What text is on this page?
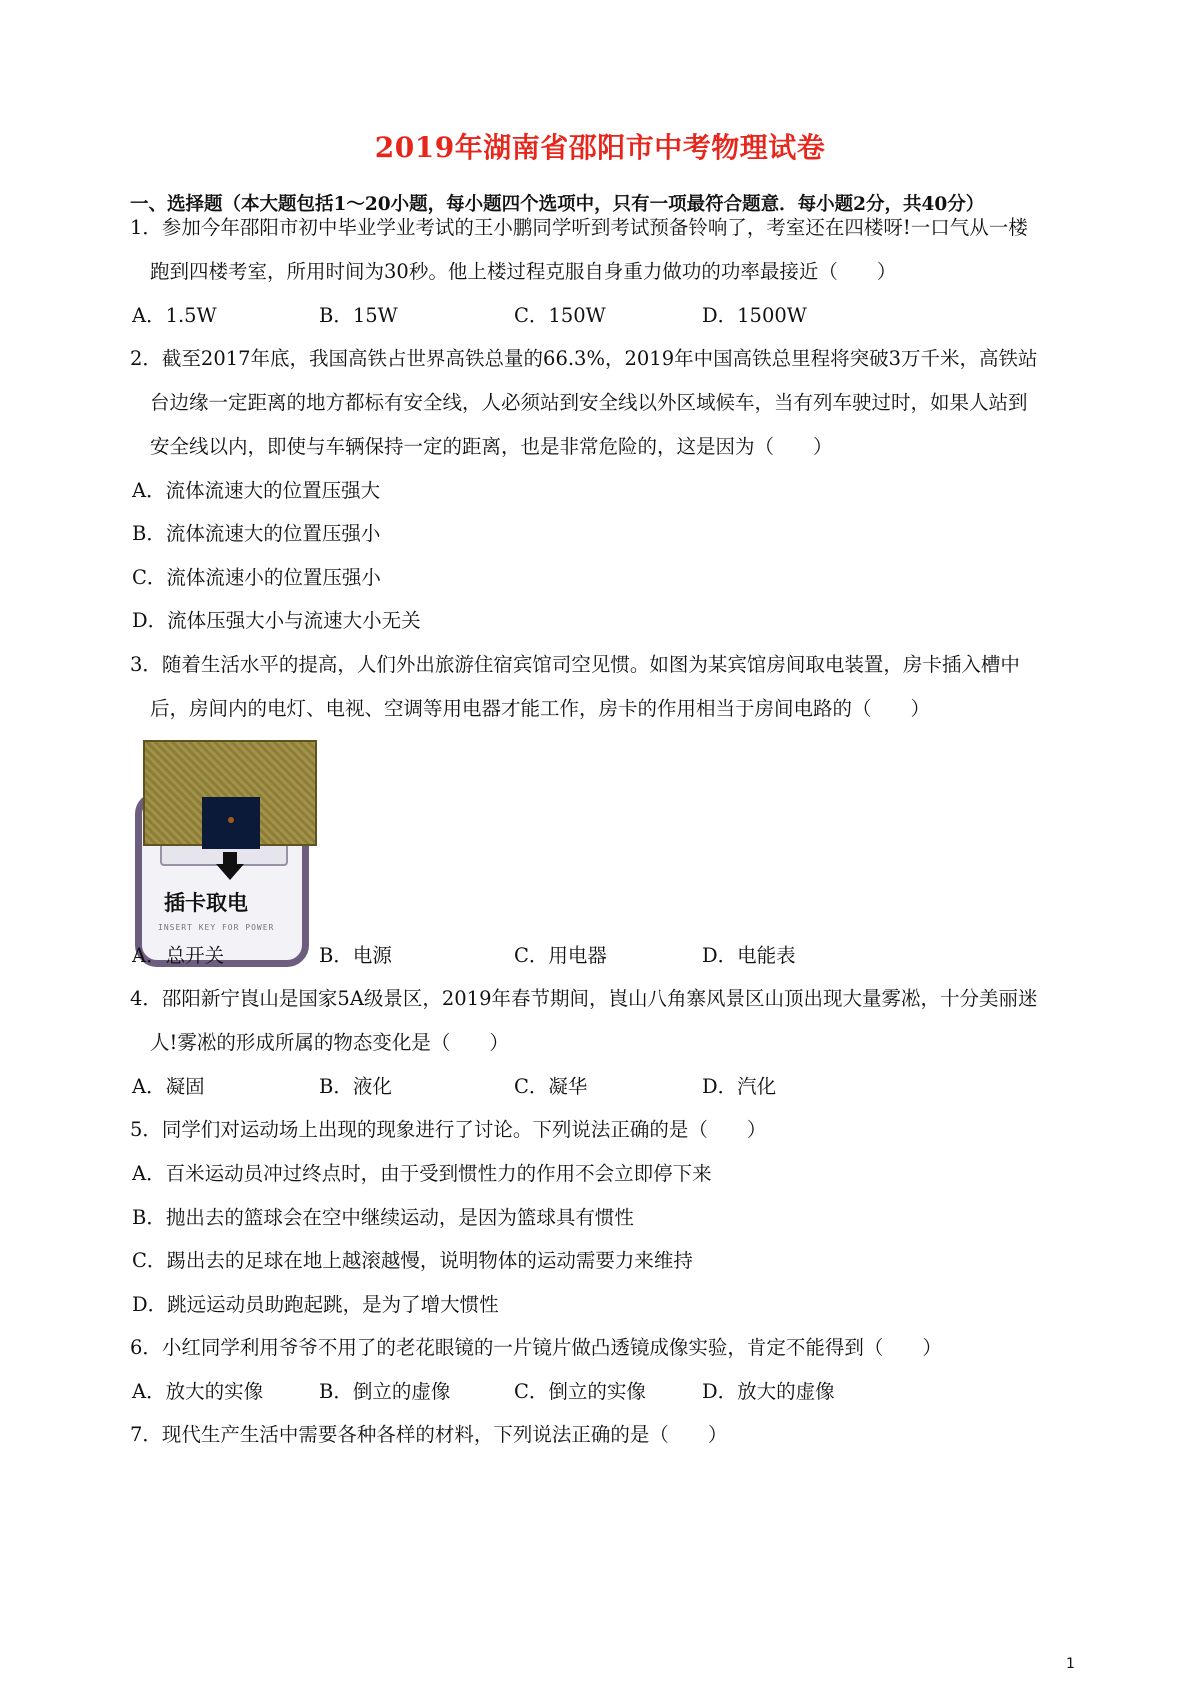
2019年湖南省邵阳市中考物理试卷
一、选择题（本大题包括1～20小题，每小题四个选项中，只有一项最符合题意．每小题2分，共40分）
1．参加今年邵阳市初中毕业学业考试的王小鹏同学听到考试预备铃响了，考室还在四楼呀!一口气从一楼
跑到四楼考室，所用时间为30秒。他上楼过程克服自身重力做功的功率最接近（　　）
A．1.5W	B．15W	C．150W	D．1500W
2．截至2017年底，我国高铁占世界高铁总量的66.3%，2019年中国高铁总里程将突破3万千米，高铁站
台边缘一定距离的地方都标有安全线，人必须站到安全线以外区域候车，当有列车驶过时，如果人站到
安全线以内，即使与车辆保持一定的距离，也是非常危险的，这是因为（　　）
A．流体流速大的位置压强大
B．流体流速大的位置压强小
C．流体流速小的位置压强小
D．流体压强大小与流速大小无关
3．随着生活水平的提高，人们外出旅游住宿宾馆司空见惯。如图为某宾馆房间取电装置，房卡插入槽中
后，房间内的电灯、电视、空调等用电器才能工作，房卡的作用相当于房间电路的（　　）
插卡取电
INSERT KEY FOR POWER
A．总开关	B．电源	C．用电器	D．电能表
4．邵阳新宁崀山是国家5A级景区，2019年春节期间，崀山八角寨风景区山顶出现大量雾凇，十分美丽迷
人!雾凇的形成所属的物态变化是（　　）
A．凝固	B．液化	C．凝华	D．汽化
5．同学们对运动场上出现的现象进行了讨论。下列说法正确的是（　　）
A．百米运动员冲过终点时，由于受到惯性力的作用不会立即停下来
B．抛出去的篮球会在空中继续运动，是因为篮球具有惯性
C．踢出去的足球在地上越滚越慢，说明物体的运动需要力来维持
D．跳远运动员助跑起跳，是为了增大惯性
6．小红同学利用爷爷不用了的老花眼镜的一片镜片做凸透镜成像实验，肯定不能得到（　　）
A．放大的实像	B．倒立的虚像	C．倒立的实像	D．放大的虚像
7．现代生产生活中需要各种各样的材料，下列说法正确的是（　　）
1
